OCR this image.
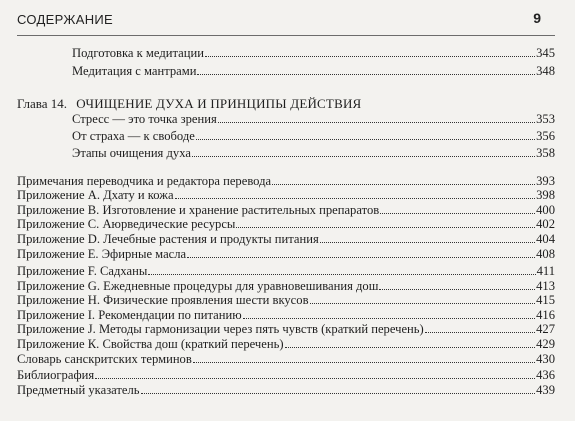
СОДЕРЖАНИЕ	9
Подготовка к медитации	345
Медитация с мантрами	348
Глава 14. ОЧИЩЕНИЕ ДУХА И ПРИНЦИПЫ ДЕЙСТВИЯ
Стресс — это точка зрения	353
От страха — к свободе	356
Этапы очищения духа	358
Примечания переводчика и редактора перевода	393
Приложение А. Дхату и кожа	398
Приложение В. Изготовление и хранение растительных препаратов	400
Приложение С. Аюрведические ресурсы	402
Приложение D. Лечебные растения и продукты питания	404
Приложение Е. Эфирные масла	408
Приложение F. Садханы	411
Приложение G. Ежедневные процедуры для уравновешивания дош	413
Приложение Н. Физические проявления шести вкусов	415
Приложение I. Рекомендации по питанию	416
Приложение J. Методы гармонизации через пять чувств (краткий перечень)	427
Приложение К. Свойства дош (краткий перечень)	429
Словарь санскритских терминов	430
Библиография	436
Предметный указатель	439
